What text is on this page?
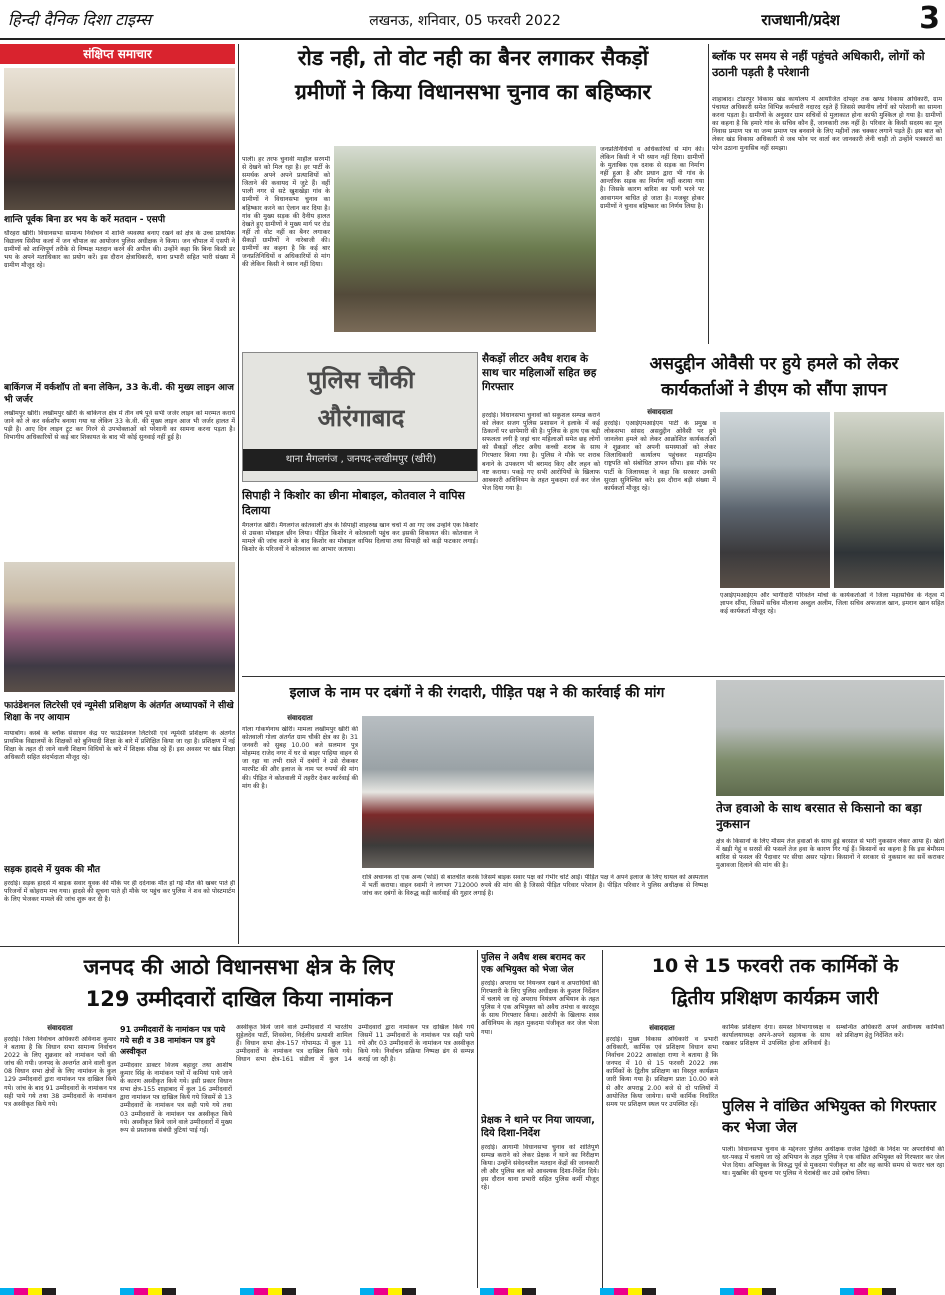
हिन्दी दैनिक दिशा टाइम्स	लखनऊ, शनिवार, 05 फरवरी 2022	राजधानी/प्रदेश	3
संक्षिप्त समाचार
शान्ति पूर्वक बिना डर भय के करें मतदान - एसपी
धौरहरा खीरी। विधानसभा सामान्य निर्वाचन में शान्ति व्यवस्था बनाए रखने को क्षेत्र के उच्च प्राथमिक विद्यालय सिसैया कलां में जन चौपाल का आयोजन पुलिस अधीक्षक ने किया। जन चौपाल में एसपी ने ग्रामीणों को शान्तिपूर्ण तरीके से निष्पक्ष मतदान करने की अपील की। उन्होंने कहा कि बिना किसी डर भय के अपने मताधिकार का प्रयोग करें। इस दौरान क्षेत्राधिकारी, थाना प्रभारी सहित भारी संख्या में ग्रामीण मौजूद रहे।
बाकिंगज में वर्कशॉप तो बना लेकिन, 33 के.वी. की मुख्य लाइन आज भी जर्जर
लखीमपुर खीरी। लखीमपुर खीरी के बाकिंगज क्षेत्र में तीन वर्ष पूर्व सभी जर्जर लाइन को मरम्मत कराये जाने को ले कर वर्कशॉप बनाया गया था लेकिन 33 के.वी. की मुख्य लाइन आज भी जर्जर हालत में पड़ी है। आए दिन लाइन टूट कर गिरने से उपभोक्ताओं को परेशानी का सामना करना पड़ता है। विभागीय अधिकारियों से कई बार शिकायत के बाद भी कोई सुनवाई नहीं हुई है।
फाउंडेशनल लिटरेसी एवं न्यूमेसी प्रशिक्षण के अंतर्गत अध्यापकों ने सीखे शिक्षा के नए आयाम
मायाबोंग। कस्बे के ब्लॉक संसाधन केंद्र पर फाउंडेशनल लिटरेसी एवं न्यूमेसी प्रशिक्षण के अंतर्गत प्राथमिक विद्यालयों के शिक्षकों को बुनियादी शिक्षा के बारे में प्रशिक्षित किया जा रहा है। प्रशिक्षण में नई शिक्षा के तहत दी जाने वाली शिक्षण विधियों के बारे में शिक्षक सीख रहे हैं। इस अवसर पर खंड शिक्षा अधिकारी सहित संदर्भदाता मौजूद रहे।
सड़क हादसे में युवक की मौत
हरदोई। सड़क हादसे में बाइक सवार युवक की मौके पर ही दर्दनाक मौत हो गई मौत की खबर पाते ही परिजनों में कोहराम मच गया। हादसे की सूचना पाते ही मौके पर पहुंच कर पुलिस ने शव को पोस्टमार्टम के लिए भेजकर मामले की जांच शुरू कर दी है।
रोड नही, तो वोट नही का बैनर लगाकर सैकड़ों
ग्रमीणों ने किया विधानसभा चुनाव का बहिष्कार
पाली। हर तरफ चुनावी माहौल सरगर्मी से देखने को मिल रहा है। हर पार्टी के समर्थक अपने अपने प्रत्याशियों को जिताने की कवायद में जुटे हैं। वहीं पाली नगर से सटे खुशखेड़ा गांव के ग्रामीणों ने विधानसभा चुनाव का बहिष्कार करने का ऐलान कर दिया है। गांव की मुख्य सड़क की दैनीय हालत देखते हुए ग्रामीणों ने मुख्य मार्ग पर रोड नहीं तो वोट नहीं का बैनर लगाकर सैकड़ों ग्रामीणों ने नारेबाजी की। ग्रामीणों का कहना है कि कई बार जनप्रतिनिधियों व अधिकारियों से मांग की लेकिन किसी ने ध्यान नहीं दिया।
जनप्रतिनिधियों व अधिकारियों से मांग की। लेकिन किसी ने भी ध्यान नहीं दिया। ग्रामीणों के मुताबिक एक दशक से सड़क का निर्माण नहीं हुआ है और प्रधान द्वारा भी गांव के आन्तरिक सड़क का निर्माण नहीं कराया गया है। जिसके कारण बारिश का पानी भरने पर आवागमन बाधित हो जाता है। मजबूर होकर ग्रामीणों ने चुनाव बहिष्कार का निर्णय लिया है।
ब्लॉक पर समय से नहीं पहुंचते अधिकारी, लोगों को उठानी पड़ती है परेशानी
शाहाबाद। टोडरपुर विकास खंड कार्यालय में आयोजित दोपहर तक खण्ड विकास अधिकारी, ग्राम पंचायत अधिकारी समेत विभिन्न कर्मचारी नदारद रहते हैं जिससे स्थानीय लोगों को परेशानी का सामना करना पड़ता है। ग्रामीणों के अनुसार ग्राम सचिवों से मुलाकात होना काफी मुश्किल हो गया है। ग्रामीणों का कहना है कि हमारे गांव के सचिव कौन हैं, जानकारी तक नहीं है। परिवार के किसी सदस्य का मूल निवास प्रमाण पत्र या जन्म प्रमाण पत्र बनवाने के लिए महीनों तक चक्कर लगाने पड़ते हैं। इस बात को लेकर खंड विकास अधिकारी से जब फोन पर वार्ता कर जानकारी लेनी चाही तो उन्होंने पत्रकारों का फोन उठाना मुनासिब नहीं समझा।
पुलिस चौकी
औरंगाबाद
थाना मैगलगंज , जनपद-लखीमपुर (खीरी)
सिपाही ने किशोर का छीना मोबाइल, कोतवाल ने वापिस दिलाया
मैगलगंज खीरी। मैगलगंज कोतवाली क्षेत्र के सिपाही शाहरुख खान चर्चा में आ गए जब उन्होंने एक किशोर से उसका मोबाइल छीन लिया। पीड़ित किशोर ने कोतवाली पहुंच कर इसकी शिकायत की। कोतवाल ने मामले की जांच कराने के बाद किशोर का मोबाइल वापिस दिलाया तथा सिपाही को कड़ी फटकार लगाई। किशोर के परिजनों ने कोतवाल का आभार जताया।
सैकड़ों लीटर अवैध शराब के साथ चार महिलाओं सहित छह गिरफ्तार
हरदोई। विधानसभा चुनावों को सकुशल सम्पन्न कराने को लेकर सजग पुलिस प्रशासन ने इलाके में कई ठिकानों पर छापेमारी की है। पुलिस के हाथ एक बड़ी सफलता लगी है जहां चार महिलाओं समेत छह लोगों को सैकड़ों लीटर अवैध कच्ची शराब के साथ गिरफ्तार किया गया है। पुलिस ने मौके पर शराब बनाने के उपकरण भी बरामद किए और लहन को नष्ट कराया। पकड़े गए सभी आरोपियों के खिलाफ आबकारी अधिनियम के तहत मुकदमा दर्ज कर जेल भेज दिया गया है।
असदुद्दीन ओवैसी पर हुये हमले को लेकर
कार्यकर्ताओं ने डीएम को सौंपा ज्ञापन
संवाददाता
हरदोई। एआईएमआईएम पार्टी के प्रमुख व लोकसभा सांसद असदुद्दीन ओवैसी पर हुये जानलेवा हमले को लेकर आक्रोशित कार्यकर्ताओं ने शुक्रवार को अपनी समस्याओं को लेकर जिलाधिकारी कार्यालय पहुंचकर महामहिम राष्ट्रपति को संबोधित ज्ञापन सौंपा। इस मौके पर पार्टी के जिलाध्यक्ष ने कहा कि सरकार उनकी सुरक्षा सुनिश्चित करे। इस दौरान बड़ी संख्या में कार्यकर्ता मौजूद रहे।
एआईएमआईएम और भागीदारी परिवर्तन मोर्चा के कार्यकर्ताओं ने जिला महासचिव के नेतृत्व में ज्ञापन सौंपा, जिसमें सचिव मौलाना अब्दुल अलीम, जिला सचिव अफजाल खान, इमरान खान सहित कई कार्यकर्ता मौजूद रहे।
इलाज के नाम पर दबंगों ने की रंगदारी, पीड़ित पक्ष ने की कार्रवाई की मांग
संवाददाता
गोला गोकर्णनाथ खीरी। मामला लखीमपुर खीरी की कोतवाली गोला अंतर्गत ग्राम चौकी क्षेत्र का है। 31 जनवरी को सुबह 10.00 बजे सलमान पुत्र मोहम्मद राजेद नगर में घर से बाहर पाहिया वाहन से जा रहा था तभी रास्ते में दबंगों ने उसे रोककर मारपीट की और इलाज के नाम पर रुपयों की मांग की। पीड़ित ने कोतवाली में तहरीर देकर कार्रवाई की मांग की है।
रात्रि अचानक दो एक अन्य (फोर्ड) से बातचीत करके जिसमें बाइक सवार पक्ष को गंभीर चोटें आईं। पीड़ित पक्ष ने अपने इलाज के लिए घायल को अस्पताल में भर्ती कराया। वाहन स्वामी ने लगभग 712000 रुपये की मांग की है जिससे पीड़ित परिवार परेशान है। पीड़ित परिवार ने पुलिस अधीक्षक से निष्पक्ष जांच कर दबंगों के विरुद्ध कड़ी कार्रवाई की गुहार लगाई है।
तेज हवाओ के साथ बरसात से किसानो का बड़ा नुकसान
क्षेत्र के किसानों के लिए मौसम तेज हवाओं के साथ हुई बरसात से भारी नुकसान लेकर आया है। खेतों में खड़ी गेहूं व सरसों की फसलें तेज हवा के कारण गिर गई हैं। किसानों का कहना है कि इस बेमौसम बारिश से फसल की पैदावार पर सीधा असर पड़ेगा। किसानों ने सरकार से नुकसान का सर्वे कराकर मुआवजा दिलाने की मांग की है।
जनपद की आठो विधानसभा क्षेत्र के लिए
129 उम्मीदवारों दाखिल किया नामांकन
संवाददाता
हरदोई। जिला निर्वाचन अधिकारी अविनाश कुमार ने बताया है कि विधान सभा सामान्य निर्वाचन 2022 के लिए शुक्रवार को नामांकन पत्रों की जांच की गयी। जनपद के अन्तर्गत आने वाली कुल 08 विधान सभा क्षेत्रों के लिए नामांकन के कुल 129 उम्मीदवारों द्वारा नामांकन पत्र दाखिल किये गये। जांच के बाद 91 उम्मीदवारों के नामांकन पत्र सही पाये गये तथा 38 उम्मीदवारों के नामांकन पत्र अस्वीकृत किये गये।
91 उम्मीदवारों के नामांकन पत्र पाये गये सही व 38 नामांकन पत्र हुये अस्वीकृत
उम्मीदवार डाक्टर विजय बहादुर तथा आशीष कुमार सिंह के नामांकन पत्रों में कमियां पाये जाने के कारण अस्वीकृत किये गये। इसी प्रकार विधान सभा क्षेत्र-155 शाहाबाद में कुल 16 उम्मीदवारों द्वारा नामांकन पत्र दाखिल किये गये जिसमें से 13 उम्मीदवारों के नामांकन पत्र सही पाये गये तथा 03 उम्मीदवारों के नामांकन पत्र अस्वीकृत किये गये। अस्वीकृत किये जाने वाले उम्मीदवारों में मुख्य रूप से प्रस्तावक संबंधी त्रुटियां पाई गईं।
अस्वीकृत किये जाने वाले उम्मीदवारों में भारतीय सुहेलदेव पार्टी, शिवसेना, निर्दलीय प्रत्याशी शामिल हैं। विधान सभा क्षेत्र-157 गोपामऊ में कुल 11 उम्मीदवारों के नामांकन पत्र दाखिल किये गये। विधान सभा क्षेत्र-161 संडीला में कुल 14 उम्मीदवारों द्वारा नामांकन पत्र दाखिल किये गये जिसमें 11 उम्मीदवारों के नामांकन पत्र सही पाये गये और 03 उम्मीदवारों के नामांकन पत्र अस्वीकृत किये गये। निर्वाचन प्रक्रिया निष्पक्ष ढंग से सम्पन्न कराई जा रही है।
पुलिस ने अवैध शस्त्र बरामद कर एक अभियुक्त को भेजा जेल
हरदोई। अपराध पर नियन्त्रण रखने व अपराधियों की गिरफ्तारी के लिए पुलिस अधीक्षक के कुशल निर्देशन में चलाये जा रहे अपराध नियंत्रण अभियान के तहत पुलिस ने एक अभियुक्त को अवैध तमंचा व कारतूस के साथ गिरफ्तार किया। आरोपी के खिलाफ शस्त्र अधिनियम के तहत मुकदमा पंजीकृत कर जेल भेजा गया।
प्रेक्षक ने थाने पर निया जायजा, दिये दिशा-निर्देश
हरदोई। आगामी विधानसभा चुनाव को शांतिपूर्ण सम्पन्न कराने को लेकर प्रेक्षक ने थाने का निरीक्षण किया। उन्होंने संवेदनशील मतदान केंद्रों की जानकारी ली और पुलिस बल को आवश्यक दिशा-निर्देश दिये। इस दौरान थाना प्रभारी सहित पुलिस कर्मी मौजूद रहे।
10 से 15 फरवरी तक कार्मिकों के
द्वितीय प्रशिक्षण कार्यक्रम जारी
संवाददाता
हरदोई। मुख्य विकास अधिकारी व प्रभारी अधिकारी, कार्मिक एवं प्रशिक्षण विधान सभा निर्वाचन 2022 आकांक्षा राणा ने बताया है कि जनपद में 10 से 15 फरवरी 2022 तक कार्मिकों के द्वितीय प्रशिक्षण का विस्तृत कार्यक्रम जारी किया गया है। प्रशिक्षण प्रातः 10.00 बजे से और अपराह्न 2.00 बजे से दो पालियों में आयोजित किया जायेगा। सभी कार्मिक निर्धारित समय पर प्रशिक्षण स्थल पर उपस्थित रहें।
कार्मिक प्रशिक्षण देगा। समस्त विभागाध्यक्ष व कार्यालयाध्यक्ष अपने-अपने सहायक के साथ रखकर प्रशिक्षण में उपस्थित होना अनिवार्य है। सम्बन्धित अधिकारी अपने अधीनस्थ कार्मिकों को प्रशिक्षण हेतु निर्देशित करें।
पुलिस ने वांछित अभियुक्त को गिरफ्तार कर भेजा जेल
पाली। विधानसभा चुनाव के मद्देनजर पुलिस अधीक्षक राजेश द्विवेदी के निर्देश पर अपराधियों की धर-पकड़ में चलाये जा रहे अभियान के तहत पुलिस ने एक वांछित अभियुक्त को गिरफ्तार कर जेल भेज दिया। अभियुक्त के विरुद्ध पूर्व से मुकदमा पंजीकृत था और वह काफी समय से फरार चल रहा था। मुखबिर की सूचना पर पुलिस ने घेराबंदी कर उसे दबोच लिया।
